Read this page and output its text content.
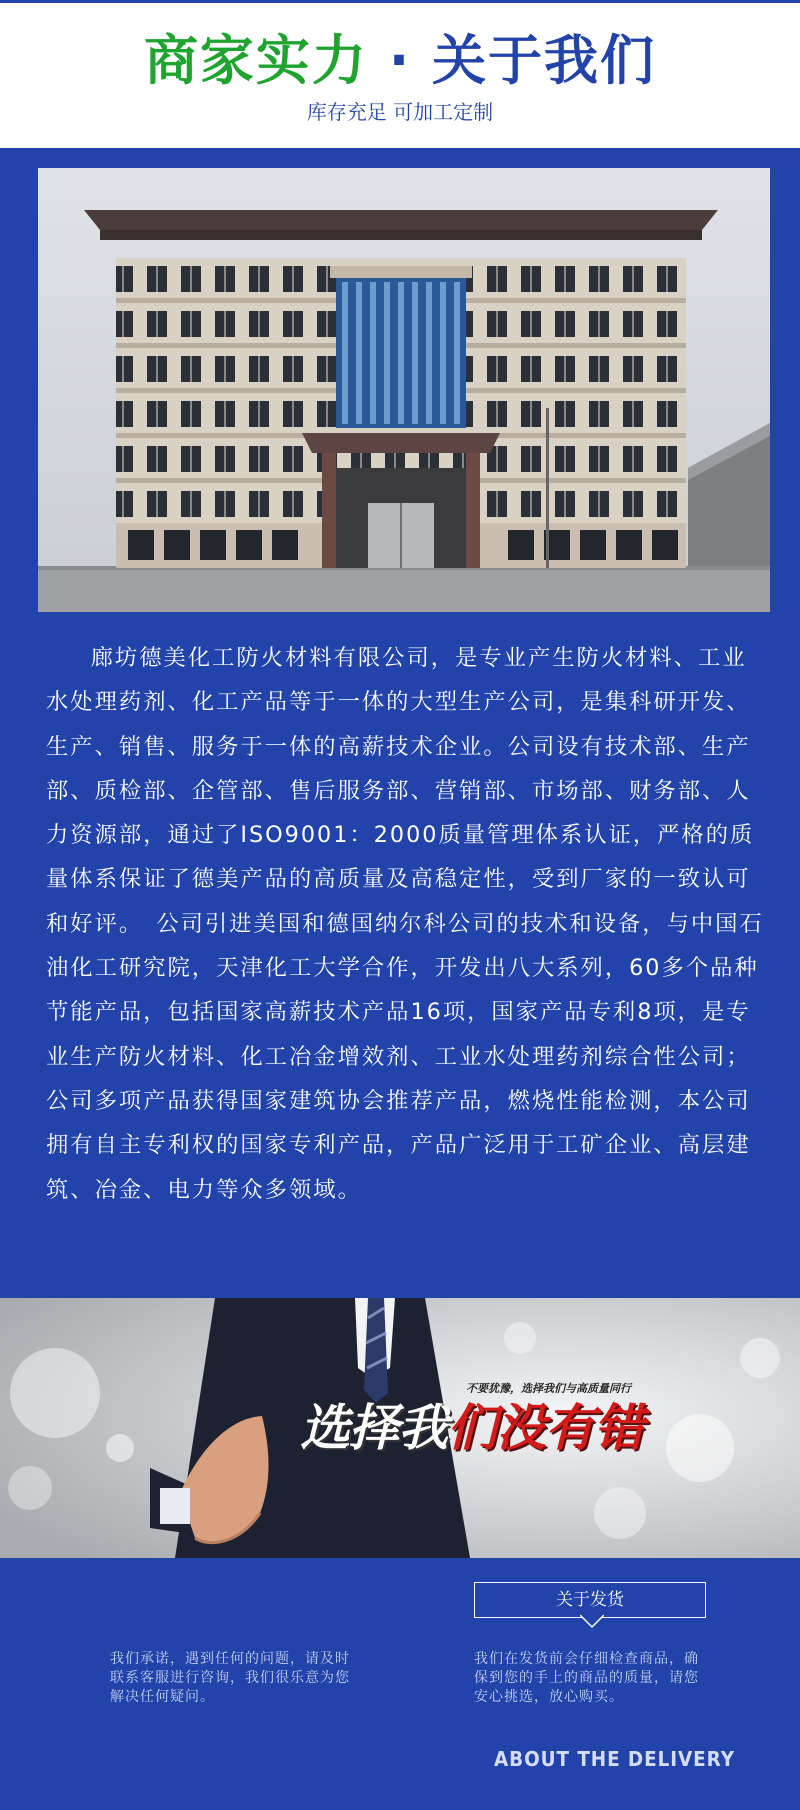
商家实力 · 关于我们
库存充足 可加工定制

廊坊德美化工防火材料有限公司，是专业产生防火材料、工业水处理药剂、化工产品等于一体的大型生产公司，是集科研开发、生产、销售、服务于一体的高薪技术企业。公司设有技术部、生产部、质检部、企管部、售后服务部、营销部、市场部、财务部、人力资源部，通过了ISO9001：2000质量管理体系认证，严格的质量体系保证了德美产品的高质量及高稳定性，受到厂家的一致认可和好评。　公司引进美国和德国纳尔科公司的技术和设备，与中国石油化工研究院，天津化工大学合作，开发出八大系列，60多个品种节能产品，包括国家高薪技术产品16项，国家产品专利8项，是专业生产防火材料、化工冶金增效剂、工业水处理药剂综合性公司；公司多项产品获得国家建筑协会推荐产品，燃烧性能检测，本公司拥有自主专利权的国家专利产品，产品广泛用于工矿企业、高层建筑、冶金、电力等众多领域。

不要犹豫，选择我们与高质量同行
选择我们没有错
关于发货

我们承诺，遇到任何的问题，请及时联系客服进行咨询，我们很乐意为您解决任何疑问。

我们在发货前会仔细检查商品，确保到您的手上的商品的质量，请您安心挑选，放心购买。

ABOUT THE DELIVERY
